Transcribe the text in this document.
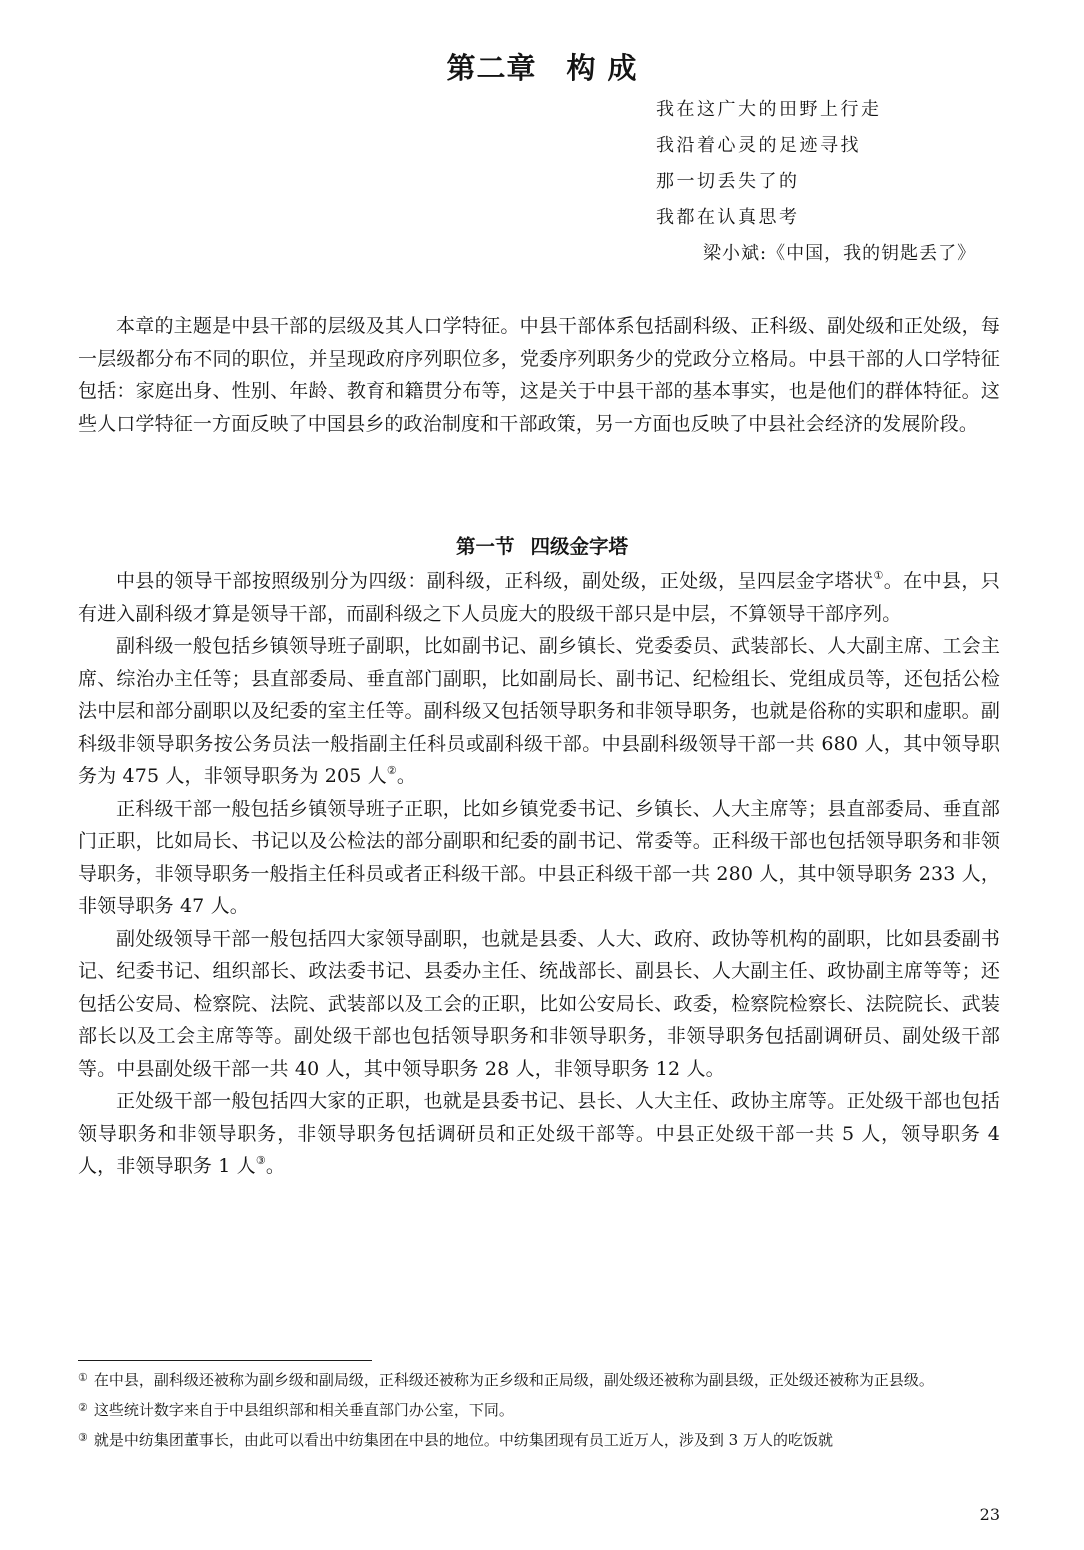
第二章 构 成
我在这广大的田野上行走
我沿着心灵的足迹寻找
那一切丢失了的
我都在认真思考
梁小斌:《中国，我的钥匙丢了》

本章的主题是中县干部的层级及其人口学特征。中县干部体系包括副科级、正科级、副处级和正处级，每一层级都分布不同的职位，并呈现政府序列职位多，党委序列职务少的党政分立格局。中县干部的人口学特征包括：家庭出身、性别、年龄、教育和籍贯分布等，这是关于中县干部的基本事实，也是他们的群体特征。这些人口学特征一方面反映了中国县乡的政治制度和干部政策，另一方面也反映了中县社会经济的发展阶段。

第一节 四级金字塔

中县的领导干部按照级别分为四级：副科级，正科级，副处级，正处级，呈四层金字塔状①。在中县，只有进入副科级才算是领导干部，而副科级之下人员庞大的股级干部只是中层，不算领导干部序列。

副科级一般包括乡镇领导班子副职，比如副书记、副乡镇长、党委委员、武装部长、人大副主席、工会主席、综治办主任等；县直部委局、垂直部门副职，比如副局长、副书记、纪检组长、党组成员等，还包括公检法中层和部分副职以及纪委的室主任等。副科级又包括领导职务和非领导职务，也就是俗称的实职和虚职。副科级非领导职务按公务员法一般指副主任科员或副科级干部。中县副科级领导干部一共 680 人，其中领导职务为 475 人，非领导职务为 205 人②。

正科级干部一般包括乡镇领导班子正职，比如乡镇党委书记、乡镇长、人大主席等；县直部委局、垂直部门正职，比如局长、书记以及公检法的部分副职和纪委的副书记、常委等。正科级干部也包括领导职务和非领导职务，非领导职务一般指主任科员或者正科级干部。中县正科级干部一共 280 人，其中领导职务 233 人，非领导职务 47 人。

副处级领导干部一般包括四大家领导副职，也就是县委、人大、政府、政协等机构的副职，比如县委副书记、纪委书记、组织部长、政法委书记、县委办主任、统战部长、副县长、人大副主任、政协副主席等等；还包括公安局、检察院、法院、武装部以及工会的正职，比如公安局长、政委，检察院检察长、法院院长、武装部长以及工会主席等等。副处级干部也包括领导职务和非领导职务，非领导职务包括副调研员、副处级干部等。中县副处级干部一共 40 人，其中领导职务 28 人，非领导职务 12 人。

正处级干部一般包括四大家的正职，也就是县委书记、县长、人大主任、政协主席等。正处级干部也包括领导职务和非领导职务，非领导职务包括调研员和正处级干部等。中县正处级干部一共 5 人，领导职务 4 人，非领导职务 1 人③。

① 在中县，副科级还被称为副乡级和副局级，正科级还被称为正乡级和正局级，副处级还被称为副县级，正处级还被称为正县级。

② 这些统计数字来自于中县组织部和相关垂直部门办公室，下同。

③ 就是中纺集团董事长，由此可以看出中纺集团在中县的地位。中纺集团现有员工近万人，涉及到 3 万人的吃饭就

23
